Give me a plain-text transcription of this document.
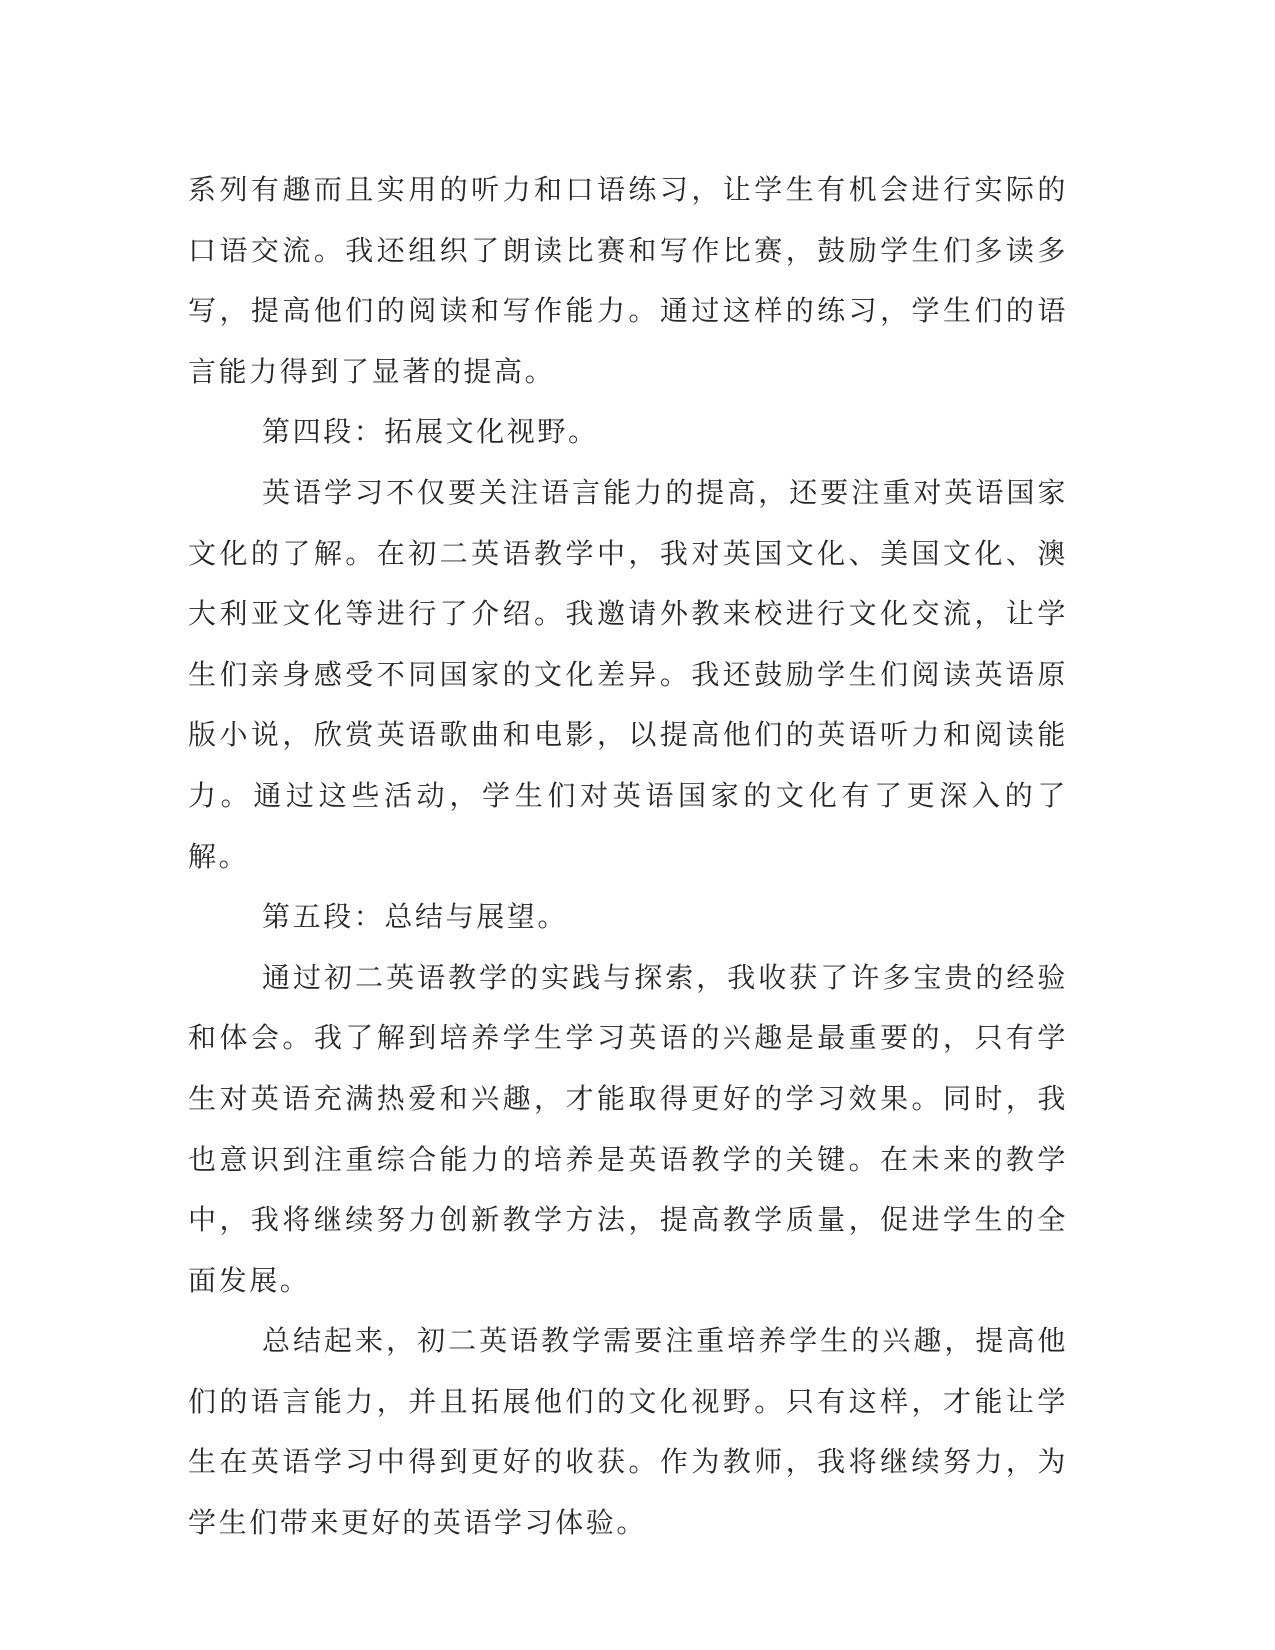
系列有趣而且实用的听力和口语练习，让学生有机会进行实际的口语交流。我还组织了朗读比赛和写作比赛，鼓励学生们多读多写，提高他们的阅读和写作能力。通过这样的练习，学生们的语言能力得到了显著的提高。

第四段：拓展文化视野。

英语学习不仅要关注语言能力的提高，还要注重对英语国家文化的了解。在初二英语教学中，我对英国文化、美国文化、澳大利亚文化等进行了介绍。我邀请外教来校进行文化交流，让学生们亲身感受不同国家的文化差异。我还鼓励学生们阅读英语原版小说，欣赏英语歌曲和电影，以提高他们的英语听力和阅读能力。通过这些活动，学生们对英语国家的文化有了更深入的了解。

第五段：总结与展望。

通过初二英语教学的实践与探索，我收获了许多宝贵的经验和体会。我了解到培养学生学习英语的兴趣是最重要的，只有学生对英语充满热爱和兴趣，才能取得更好的学习效果。同时，我也意识到注重综合能力的培养是英语教学的关键。在未来的教学中，我将继续努力创新教学方法，提高教学质量，促进学生的全面发展。

总结起来，初二英语教学需要注重培养学生的兴趣，提高他们的语言能力，并且拓展他们的文化视野。只有这样，才能让学生在英语学习中得到更好的收获。作为教师，我将继续努力，为学生们带来更好的英语学习体验。
